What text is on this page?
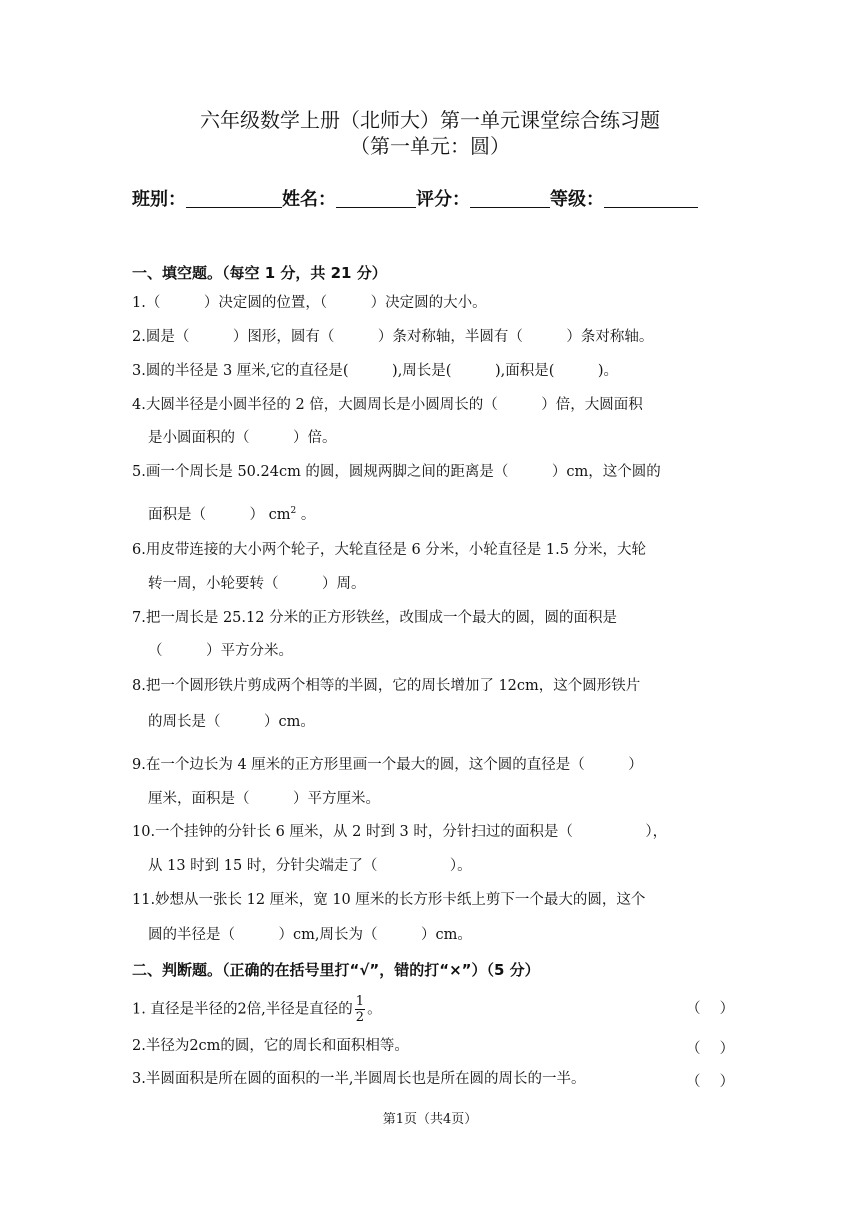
六年级数学上册（北师大）第一单元课堂综合练习题
（第一单元：圆）
班别：	姓名：	评分：	等级：
一、填空题。（每空 1 分，共 21 分）
1.（　　　）决定圆的位置，（　　　）决定圆的大小。
2.圆是（　　　）图形，圆有（　　　）条对称轴，半圆有（　　　）条对称轴。
3.圆的半径是 3 厘米,它的直径是(　　　),周长是(　　　),面积是(　　　)。
4.大圆半径是小圆半径的 2 倍，大圆周长是小圆周长的（　　　）倍，大圆面积
是小圆面积的（　　　）倍。
5.画一个周长是 50.24cm 的圆，圆规两脚之间的距离是（　　　）cm，这个圆的
面积是（　　　） $cm^2$ 。
6.用皮带连接的大小两个轮子，大轮直径是 6 分米，小轮直径是 1.5 分米，大轮
转一周，小轮要转（　　　）周。
7.把一周长是 25.12 分米的正方形铁丝，改围成一个最大的圆，圆的面积是
（　　　）平方分米。
8.把一个圆形铁片剪成两个相等的半圆，它的周长增加了 12cm，这个圆形铁片
的周长是（　　　）cm。
9.在一个边长为 4 厘米的正方形里画一个最大的圆，这个圆的直径是（　　　）
厘米，面积是（　　　）平方厘米。
10.一个挂钟的分针长 6 厘米，从 2 时到 3 时，分针扫过的面积是（　　　　　），
从 13 时到 15 时，分针尖端走了（　　　　　）。
11.妙想从一张长 12 厘米，宽 10 厘米的长方形卡纸上剪下一个最大的圆，这个
圆的半径是（　　　）cm,周长为（　　　）cm。
二、判断题。（正确的在括号里打“√”，错的打“×”）（5 分）
1. 直径是半径的2倍,半径是直径的 $\frac{1}{2}$ 。	（　 ）
2.半径为2cm的圆，它的周长和面积相等。	（　 ）
3.半圆面积是所在圆的面积的一半,半圆周长也是所在圆的周长的一半。	（　 ）
第1页（共4页）
